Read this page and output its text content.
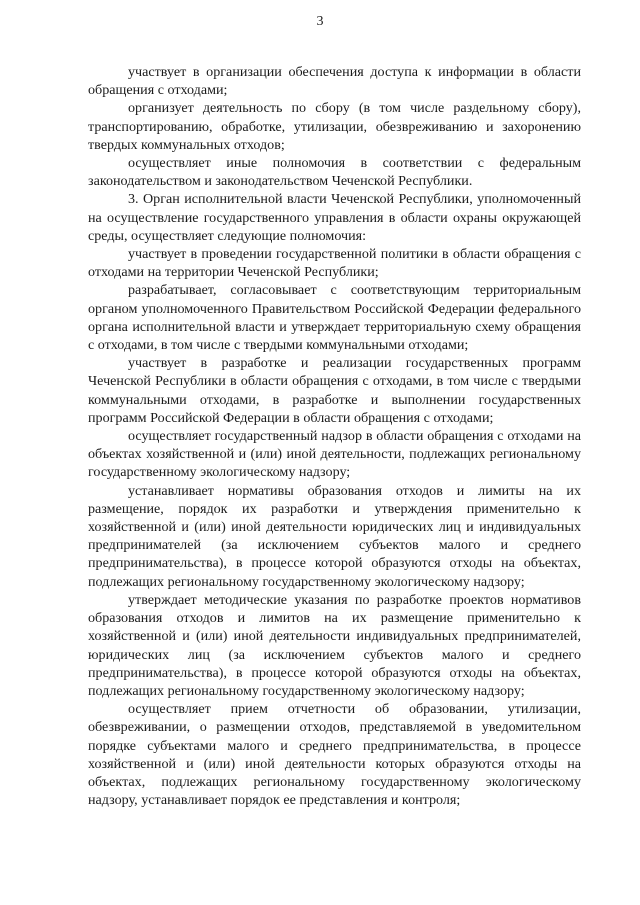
3

участвует в организации обеспечения доступа к информации в области обращения с отходами;

организует деятельность по сбору (в том числе раздельному сбору), транспортированию, обработке, утилизации, обезвреживанию и захоронению твердых коммунальных отходов;

осуществляет иные полномочия в соответствии с федеральным законодательством и законодательством Чеченской Республики.

3. Орган исполнительной власти Чеченской Республики, уполномоченный на осуществление государственного управления в области охраны окружающей среды, осуществляет следующие полномочия:

участвует в проведении государственной политики в области обращения с отходами на территории Чеченской Республики;

разрабатывает, согласовывает с соответствующим территориальным органом уполномоченного Правительством Российской Федерации федерального органа исполнительной власти и утверждает территориальную схему обращения с отходами, в том числе с твердыми коммунальными отходами;

участвует в разработке и реализации государственных программ Чеченской Республики в области обращения с отходами, в том числе с твердыми коммунальными отходами, в разработке и выполнении государственных программ Российской Федерации в области обращения с отходами;

осуществляет государственный надзор в области обращения с отходами на объектах хозяйственной и (или) иной деятельности, подлежащих региональному государственному экологическому надзору;

устанавливает нормативы образования отходов и лимиты на их размещение, порядок их разработки и утверждения применительно к хозяйственной и (или) иной деятельности юридических лиц и индивидуальных предпринимателей (за исключением субъектов малого и среднего предпринимательства), в процессе которой образуются отходы на объектах, подлежащих региональному государственному экологическому надзору;

утверждает методические указания по разработке проектов нормативов образования отходов и лимитов на их размещение применительно к хозяйственной и (или) иной деятельности индивидуальных предпринимателей, юридических лиц (за исключением субъектов малого и среднего предпринимательства), в процессе которой образуются отходы на объектах, подлежащих региональному государственному экологическому надзору;

осуществляет прием отчетности об образовании, утилизации, обезвреживании, о размещении отходов, представляемой в уведомительном порядке субъектами малого и среднего предпринимательства, в процессе хозяйственной и (или) иной деятельности которых образуются отходы на объектах, подлежащих региональному государственному экологическому надзору, устанавливает порядок ее представления и контроля;
